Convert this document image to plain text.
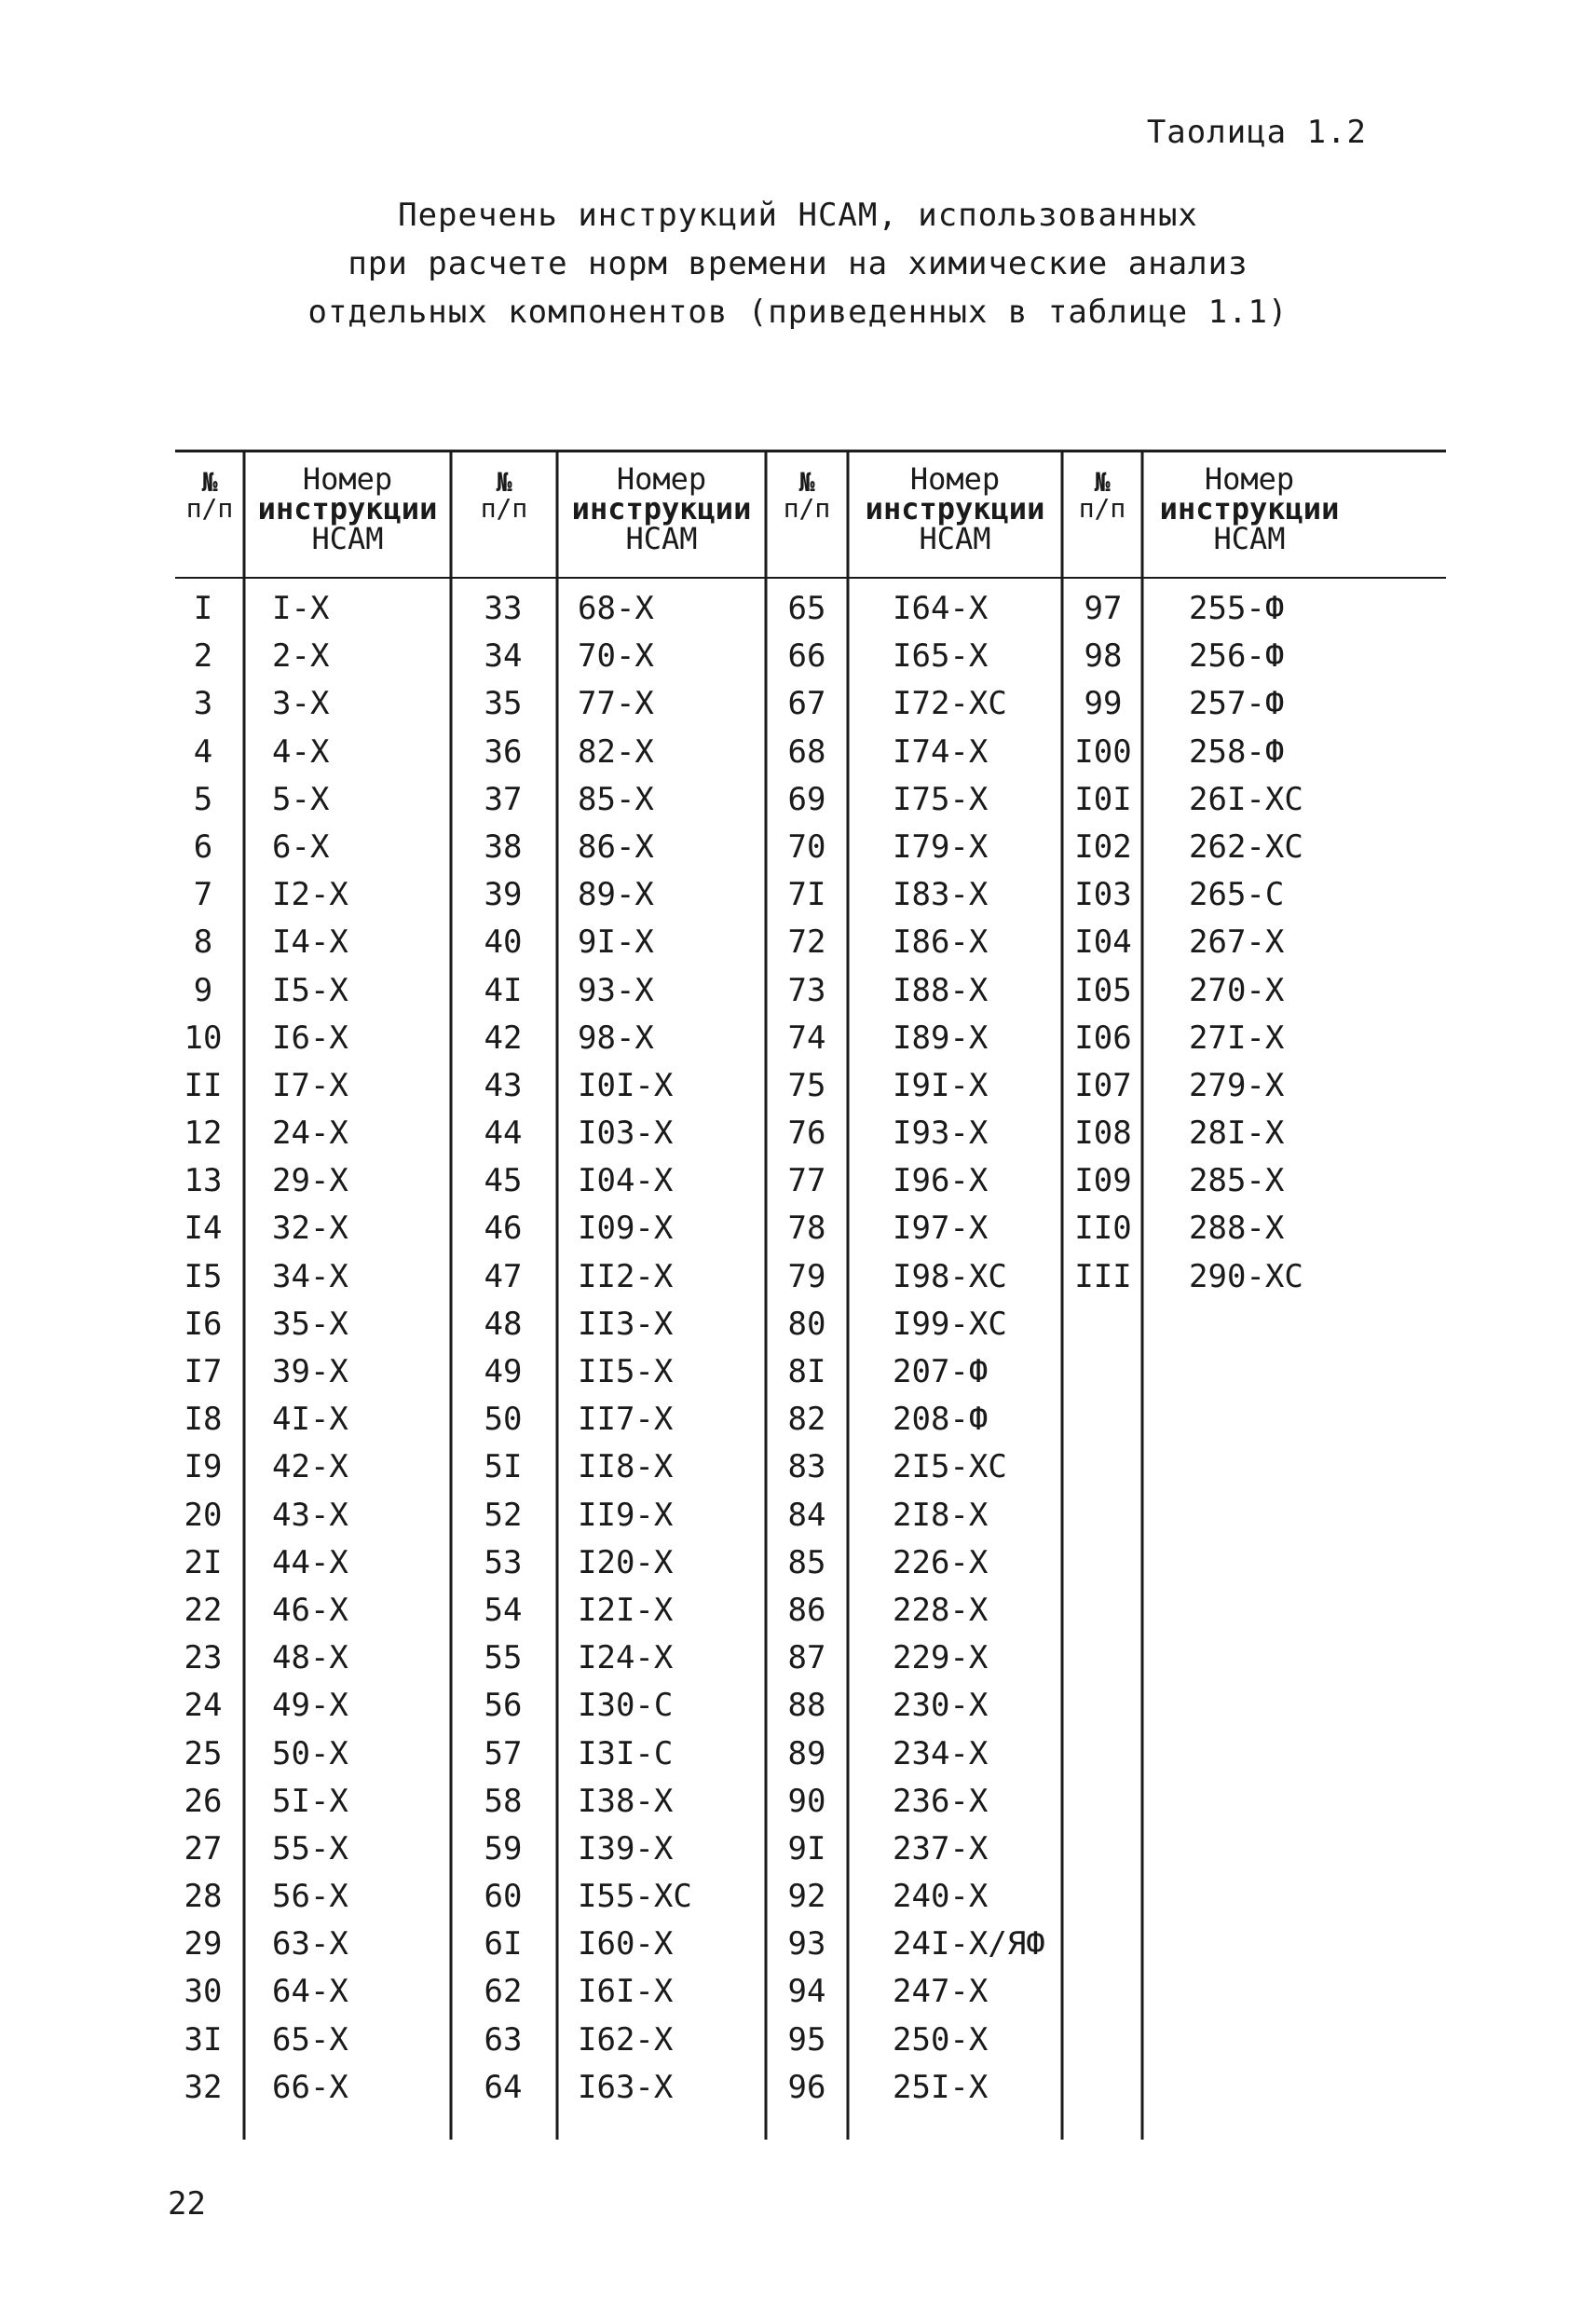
Таолица 1.2
Перечень инструкций НСАМ, использованных
при расчете норм времени на химические анализ
отдельных компонентов (приведенных в таблице 1.1)
№
п/п
Номер
инструкции
НСАМ
№
п/п
Номер
инструкции
НСАМ
№
п/п
Номер
инструкции
НСАМ
№
п/п
Номер
инструкции
НСАМ
I
2
3
4
5
6
7
8
9
10
II
12
13
I4
I5
I6
I7
I8
I9
20
2I
22
23
24
25
26
27
28
29
30
3I
32
I-X
2-X
3-X
4-X
5-X
6-X
I2-X
I4-X
I5-X
I6-X
I7-X
24-X
29-X
32-X
34-X
35-X
39-X
4I-X
42-X
43-X
44-X
46-X
48-X
49-X
50-X
5I-X
55-X
56-X
63-X
64-X
65-X
66-X
33
34
35
36
37
38
39
40
4I
42
43
44
45
46
47
48
49
50
5I
52
53
54
55
56
57
58
59
60
6I
62
63
64
68-X
70-X
77-X
82-X
85-X
86-X
89-X
9I-X
93-X
98-X
I0I-X
I03-X
I04-X
I09-X
II2-X
II3-X
II5-X
II7-X
II8-X
II9-X
I20-X
I2I-X
I24-X
I30-C
I3I-C
I38-X
I39-X
I55-XC
I60-X
I6I-X
I62-X
I63-X
65
66
67
68
69
70
7I
72
73
74
75
76
77
78
79
80
8I
82
83
84
85
86
87
88
89
90
9I
92
93
94
95
96
I64-X
I65-X
I72-XC
I74-X
I75-X
I79-X
I83-X
I86-X
I88-X
I89-X
I9I-X
I93-X
I96-X
I97-X
I98-XC
I99-XC
207-Ф
208-Ф
2I5-XC
2I8-X
226-X
228-X
229-X
230-X
234-X
236-X
237-X
240-X
24I-X/ЯФ
247-X
250-X
25I-X
97
98
99
I00
I0I
I02
I03
I04
I05
I06
I07
I08
I09
II0
III
255-Ф
256-Ф
257-Ф
258-Ф
26I-XC
262-XC
265-C
267-X
270-X
27I-X
279-X
28I-X
285-X
288-X
290-XC
22
